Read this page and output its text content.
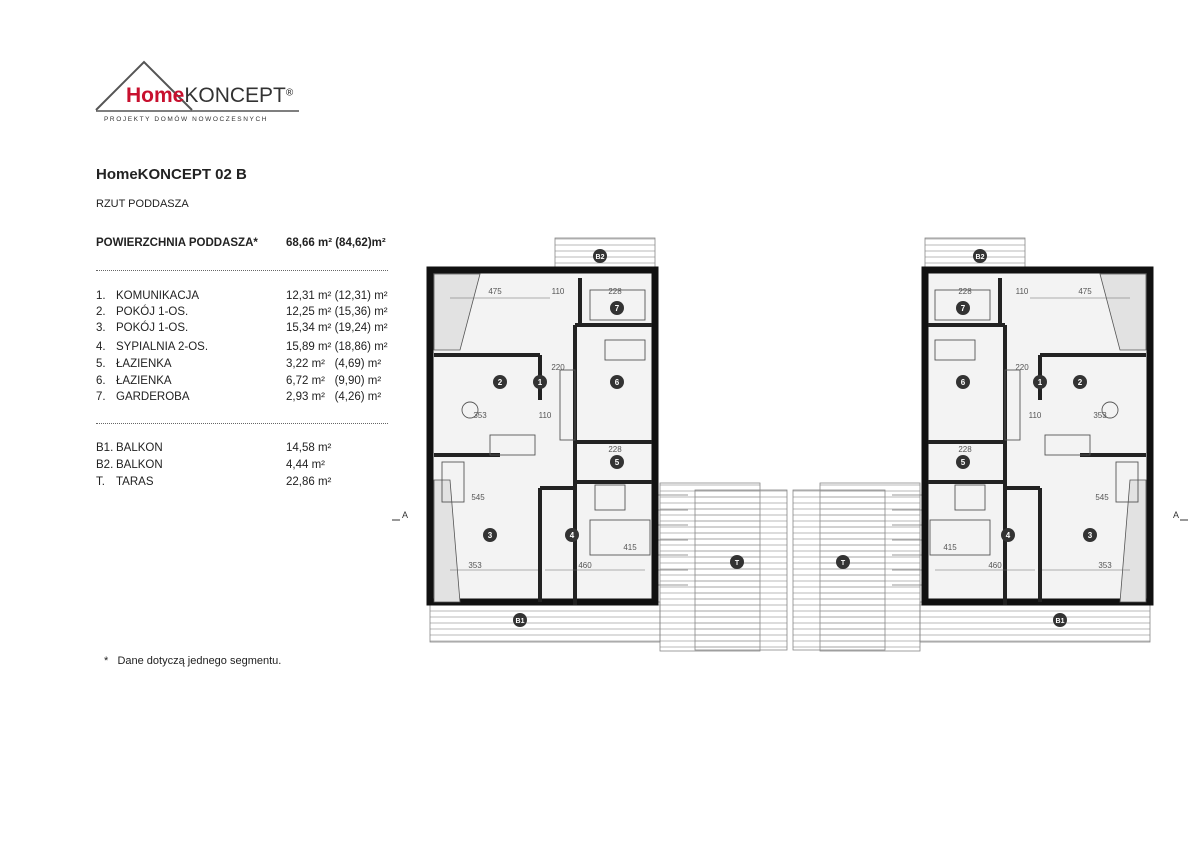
HomeKONCEPT®
PROJEKTY DOMÓW NOWOCZESNYCH
HomeKONCEPT 02 B
RZUT PODDASZA
POWIERZCHNIA PODDASZA* 68,66 m² (84,62)m²
1. KOMUNIKACJA	12,31 m² (12,31) m²
2. POKÓJ 1-OS.	12,25 m² (15,36) m²
3. POKÓJ 1-OS.	15,34 m² (19,24) m²
4. SYPIALNIA 2-OS.	15,89 m² (18,86) m²
5. ŁAZIENKA	3,22 m²   (4,69) m²
6. ŁAZIENKA	6,72 m²   (9,90) m²
7. GARDEROBA	2,93 m²   (4,26) m²
B1. BALKON	14,58 m²
B2. BALKON	4,44 m²
T. TARAS	22,86 m²
*   Dane dotyczą jednego segmentu.
1
2
3	4
5
6
7
B1
B2
T
475	110	228
220
353	110
228
353	460
545
415
A
1	2
3
4
5
6
7
B1
B2
T
475
110
228
220
353
110
228
353
460
545
415
A
